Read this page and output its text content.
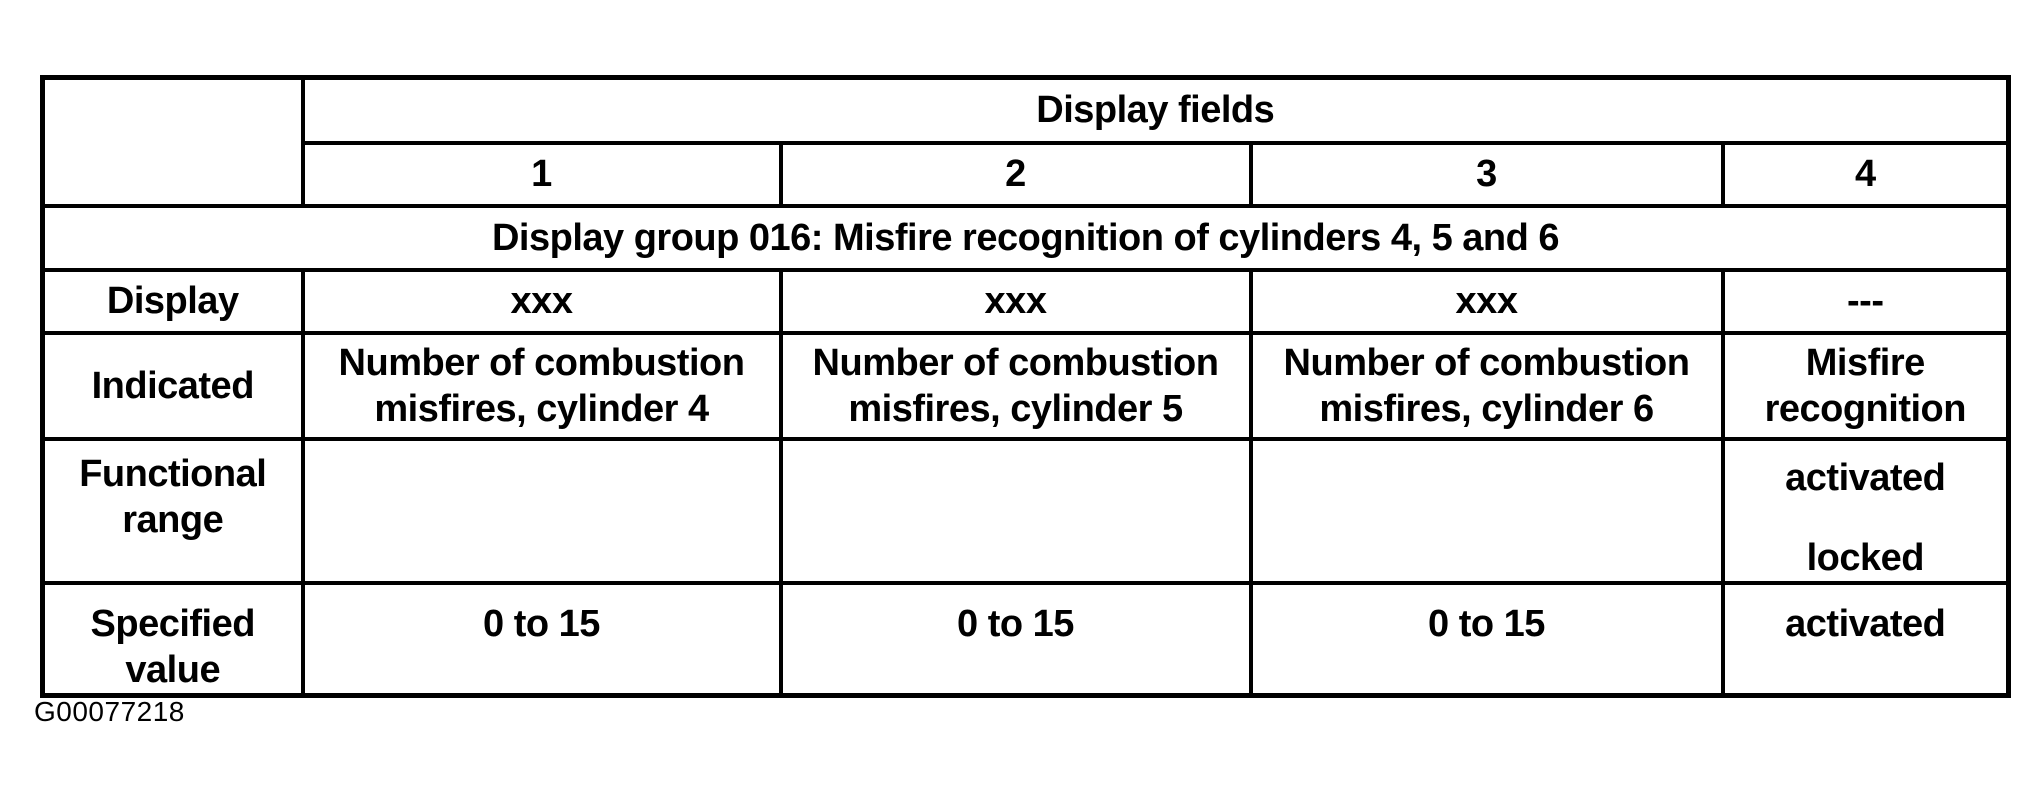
	Display fields			
	1	2	3	4
Display group 016: Misfire recognition of cylinders 4, 5 and 6				
Display	xxx	xxx	xxx	---
Indicated	Number of combustion misfires, cylinder 4	Number of combustion misfires, cylinder 5	Number of combustion misfires, cylinder 6	Misfire recognition
Functional range				activated
locked

Specified value	0 to 15	0 to 15	0 to 15	activated
G00077218
